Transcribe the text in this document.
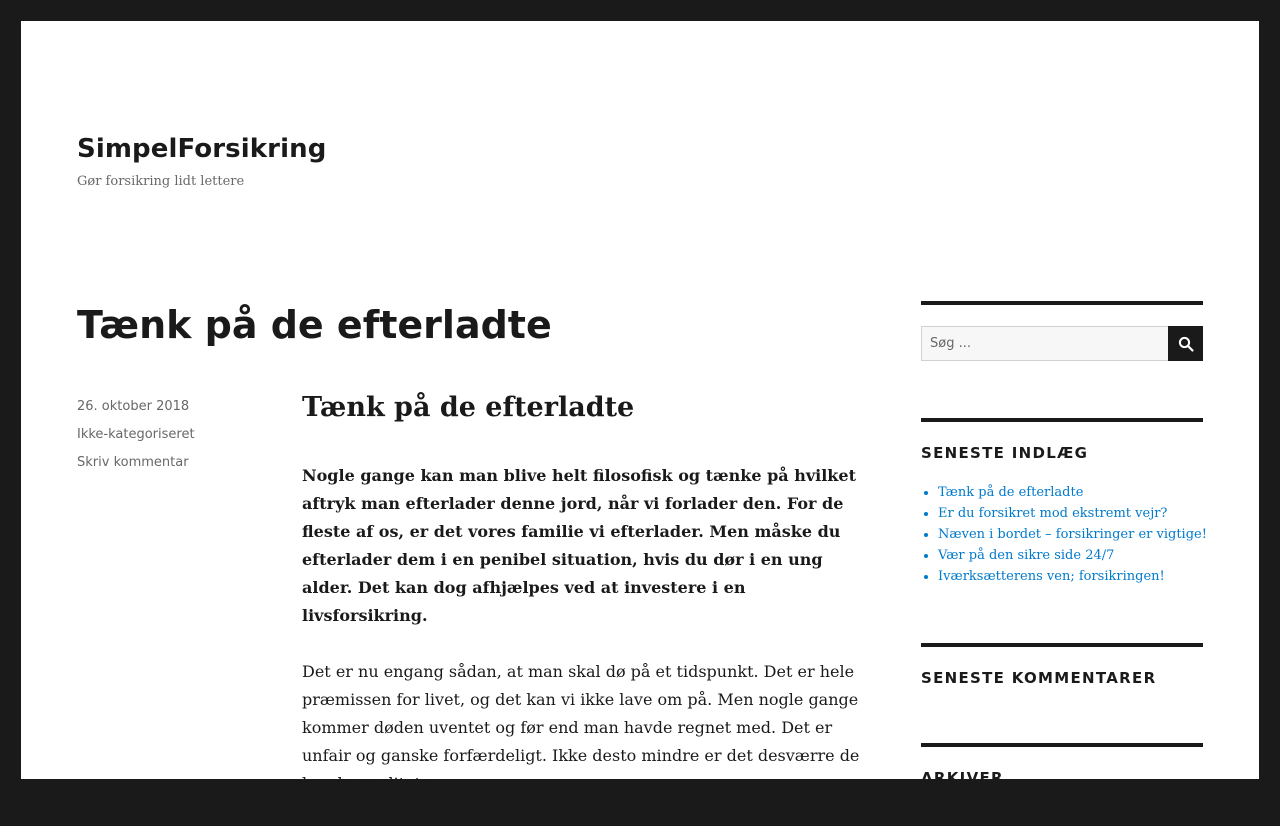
SimpelForsikring

Gør forsikring lidt lettere

Tænk på de efterladte
26. oktober 2018
Ikke-kategoriseret
Skriv kommentar
Tænk på de efterladte

Nogle gange kan man blive helt filosofisk og tænke på hvilket aftryk man efterlader denne jord, når vi forlader den. For de fleste af os, er det vores familie vi efterlader. Men måske du efterlader dem i en penibel situation, hvis du dør i en ung alder. Det kan dog afhjælpes ved at investere i en livsforsikring.

Det er nu engang sådan, at man skal dø på et tidspunkt. Det er hele præmissen for livet, og det kan vi ikke lave om på. Men nogle gange kommer døden uventet og før end man havde regnet med. Det er unfair og ganske forfærdeligt. Ikke desto mindre er det desværre de barske realiteter.

Søg ...
SENESTE INDLÆG
• Tænk på de efterladte
• Er du forsikret mod ekstremt vejr?
• Næven i bordet – forsikringer er vigtige!
• Vær på den sikre side 24/7
• Iværksætterens ven; forsikringen!
SENESTE KOMMENTARER
ARKIVER
